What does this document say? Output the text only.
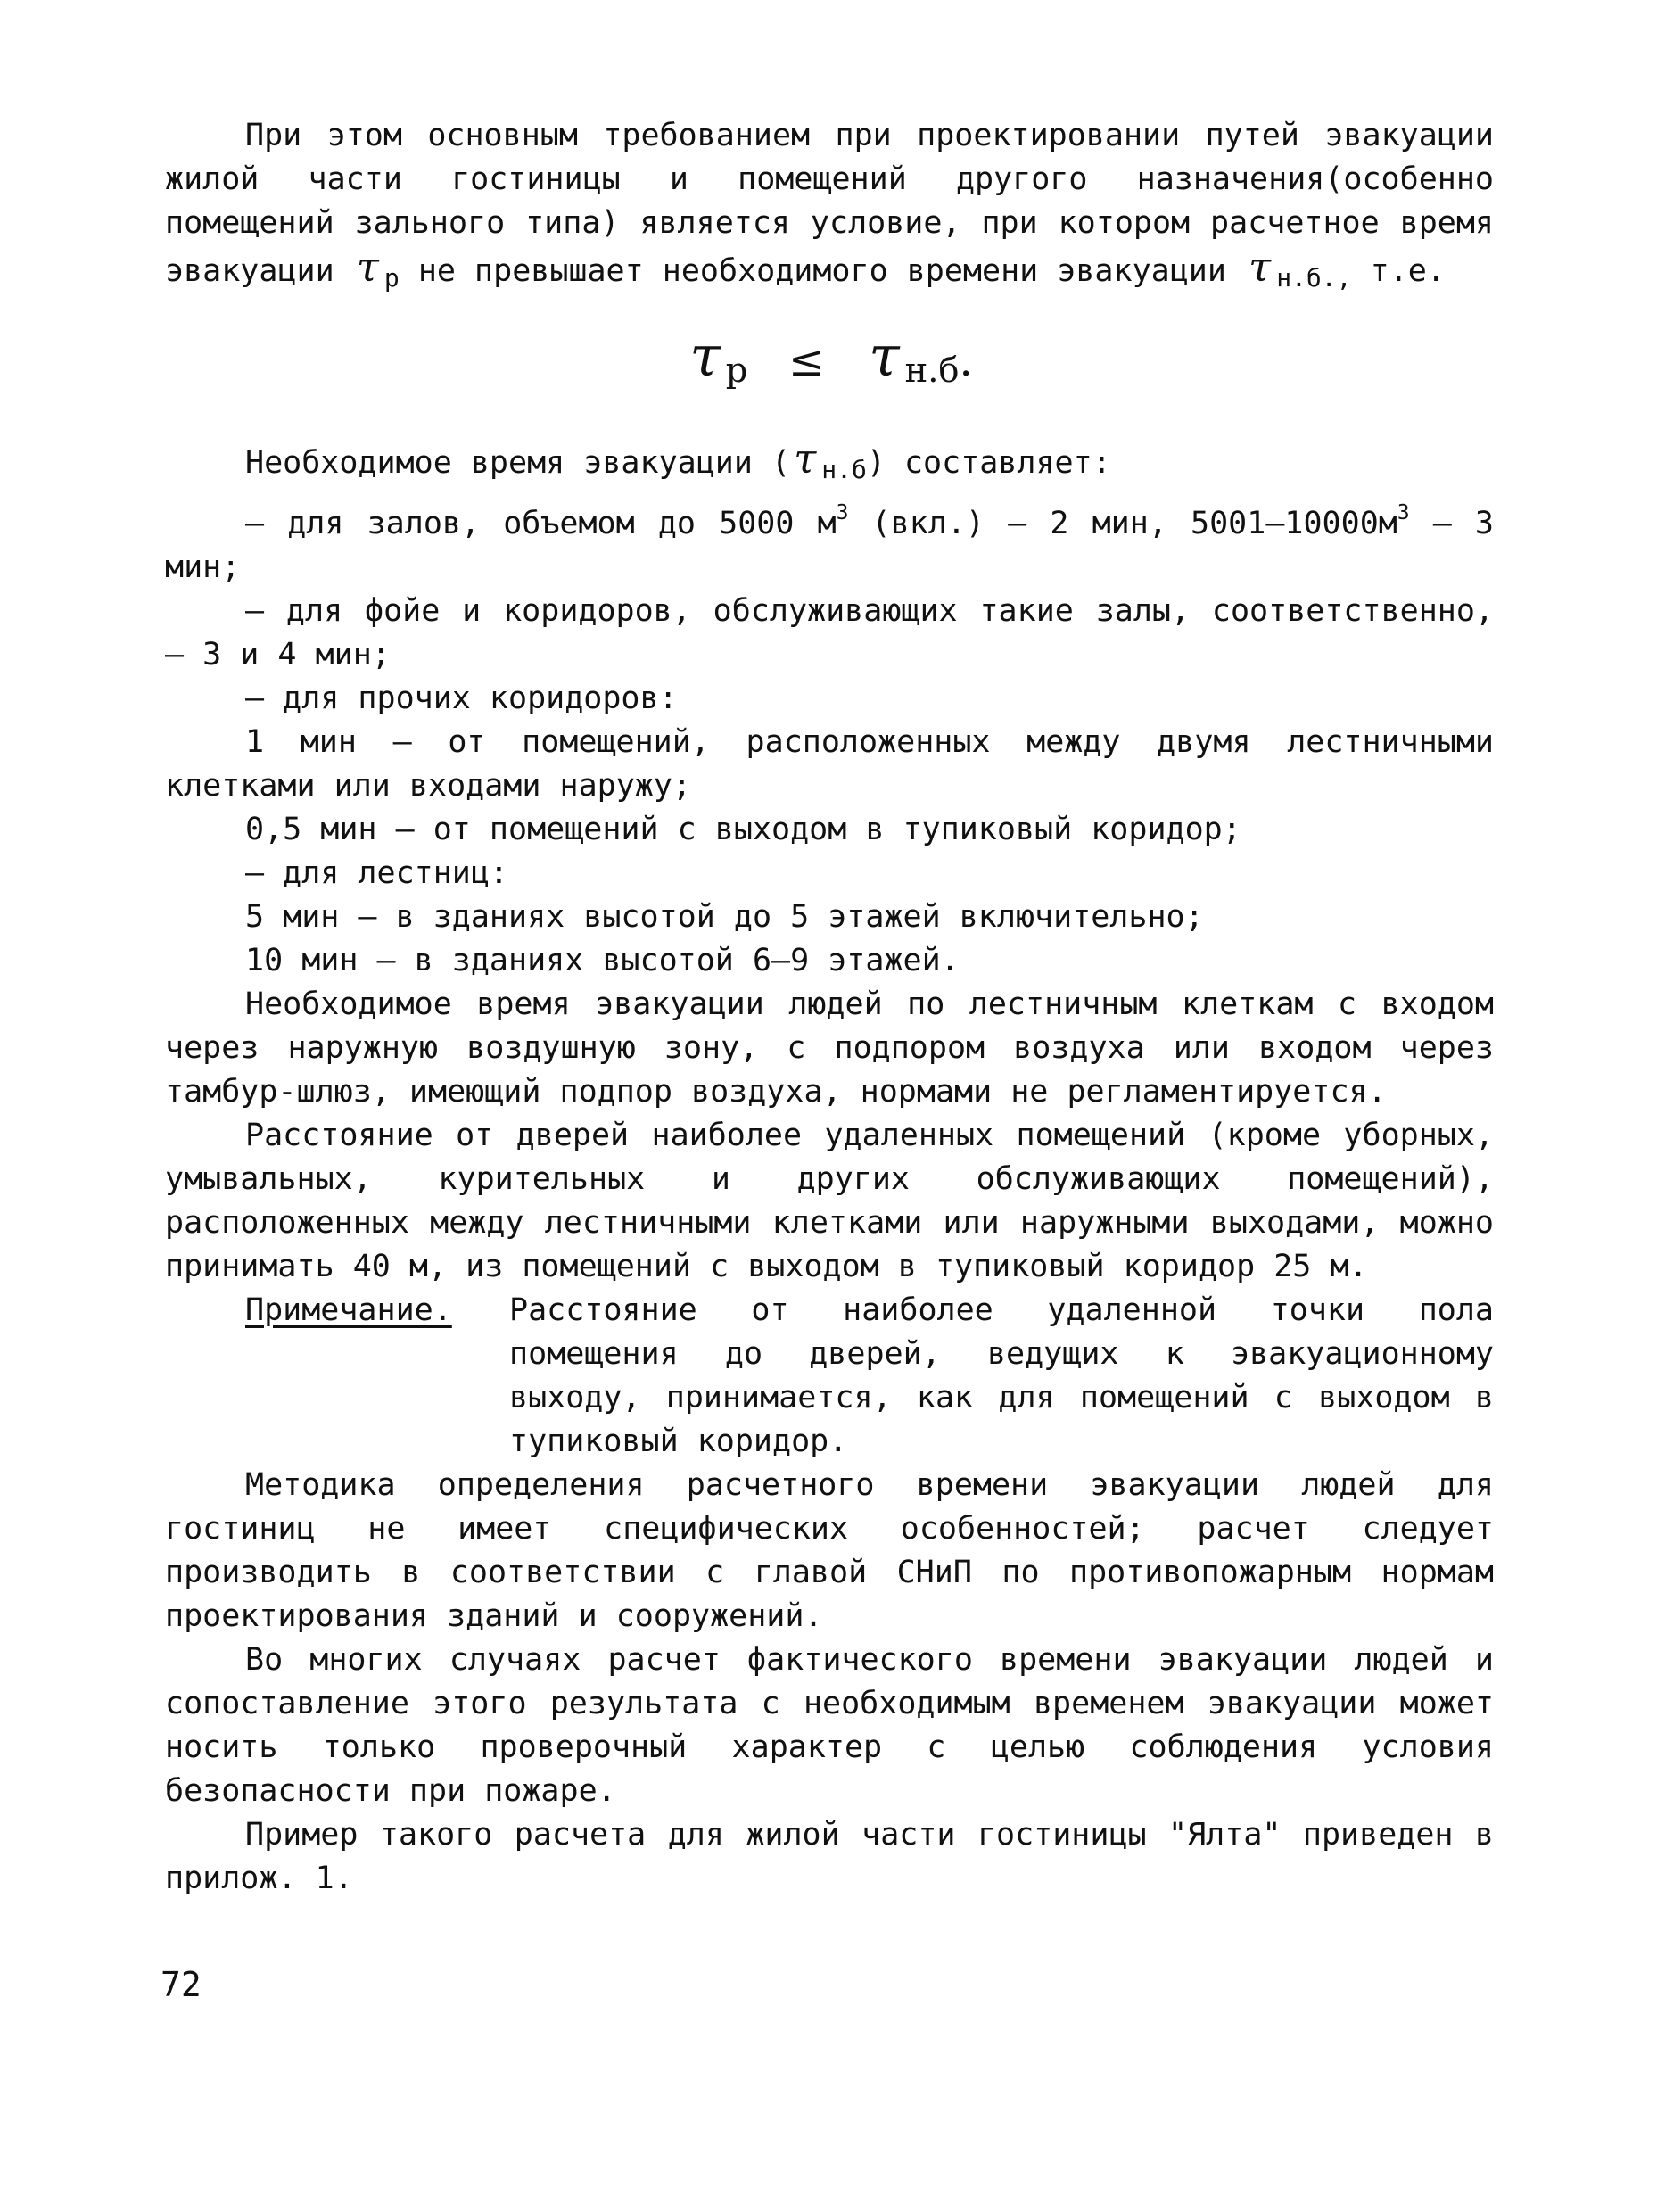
При этом основным требованием при проектировании путей эвакуации жилой части гостиницы и помещений другого назначения(особенно помещений зального типа) является условие, при котором расчетное время эвакуации τ р не превышает необходимого времени эвакуации τ н.б., т.е.

τ $_р$ ≤ τ $_{н.б}$.

Необходимое время эвакуации (τ н.б) составляет:

– для залов, объемом до 5000 $м^3$ (вкл.) – 2 мин, $5001-10000м^3 - 3$ мин;

– для фойе и коридоров, обслуживающих такие залы, соответственно, – 3 и 4 мин;

– для прочих коридоров:

1 мин – от помещений, расположенных между двумя лестничными клетками или входами наружу;

0,5 мин – от помещений с выходом в тупиковый коридор;

– для лестниц:

5 мин – в зданиях высотой до 5 этажей включительно;

10 мин – в зданиях высотой 6–9 этажей.

Необходимое время эвакуации людей по лестничным клеткам с входом через наружную воздушную зону, с подпором воздуха или входом через тамбур-шлюз, имеющий подпор воздуха, нормами не регламентируется.

Расстояние от дверей наиболее удаленных помещений (кроме уборных, умывальных, курительных и других обслуживающих помещений), расположенных между лестничными клетками или наружными выходами, можно принимать 40 м, из помещений с выходом в тупиковый коридор 25 м.

Примечание.	Расстояние от наиболее удаленной точки пола помещения до дверей, ведущих к эвакуационному выходу, принимается, как для помещений с выходом в тупиковый коридор.

Методика определения расчетного времени эвакуации людей для гостиниц не имеет специфических особенностей; расчет следует производить в соответствии с главой СНиП по противопожарным нормам проектирования зданий и сооружений.

Во многих случаях расчет фактического времени эвакуации людей и сопоставление этого результата с необходимым временем эвакуации может носить только проверочный характер с целью соблюдения условия безопасности при пожаре.

Пример такого расчета для жилой части гостиницы "Ялта" приведен в прилож. 1.

72
